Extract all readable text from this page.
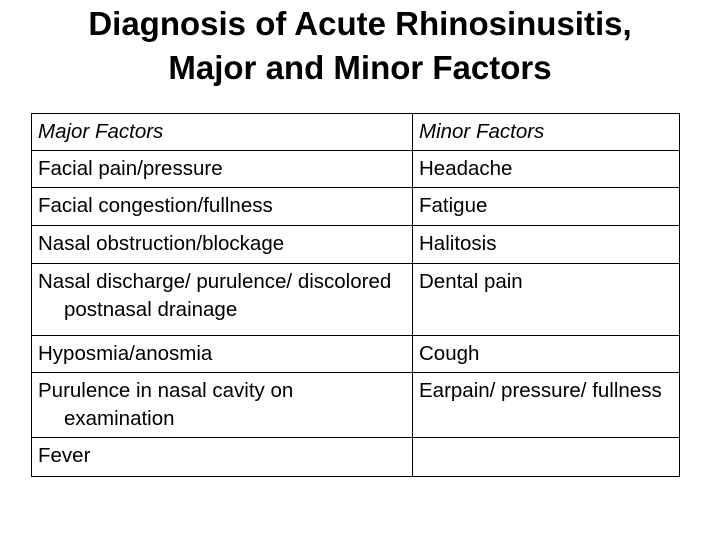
Diagnosis of Acute Rhinosinusitis,
Major and Minor Factors
Major Factors	Minor Factors

Facial pain/pressure	Headache

Facial congestion/fullness	Fatigue

Nasal obstruction/blockage	Halitosis

Nasal discharge/ purulence/ discolored postnasal drainage	Dental pain

Hyposmia/anosmia	Cough

Purulence in nasal cavity on examination	Earpain/ pressure/ fullness

Fever	
